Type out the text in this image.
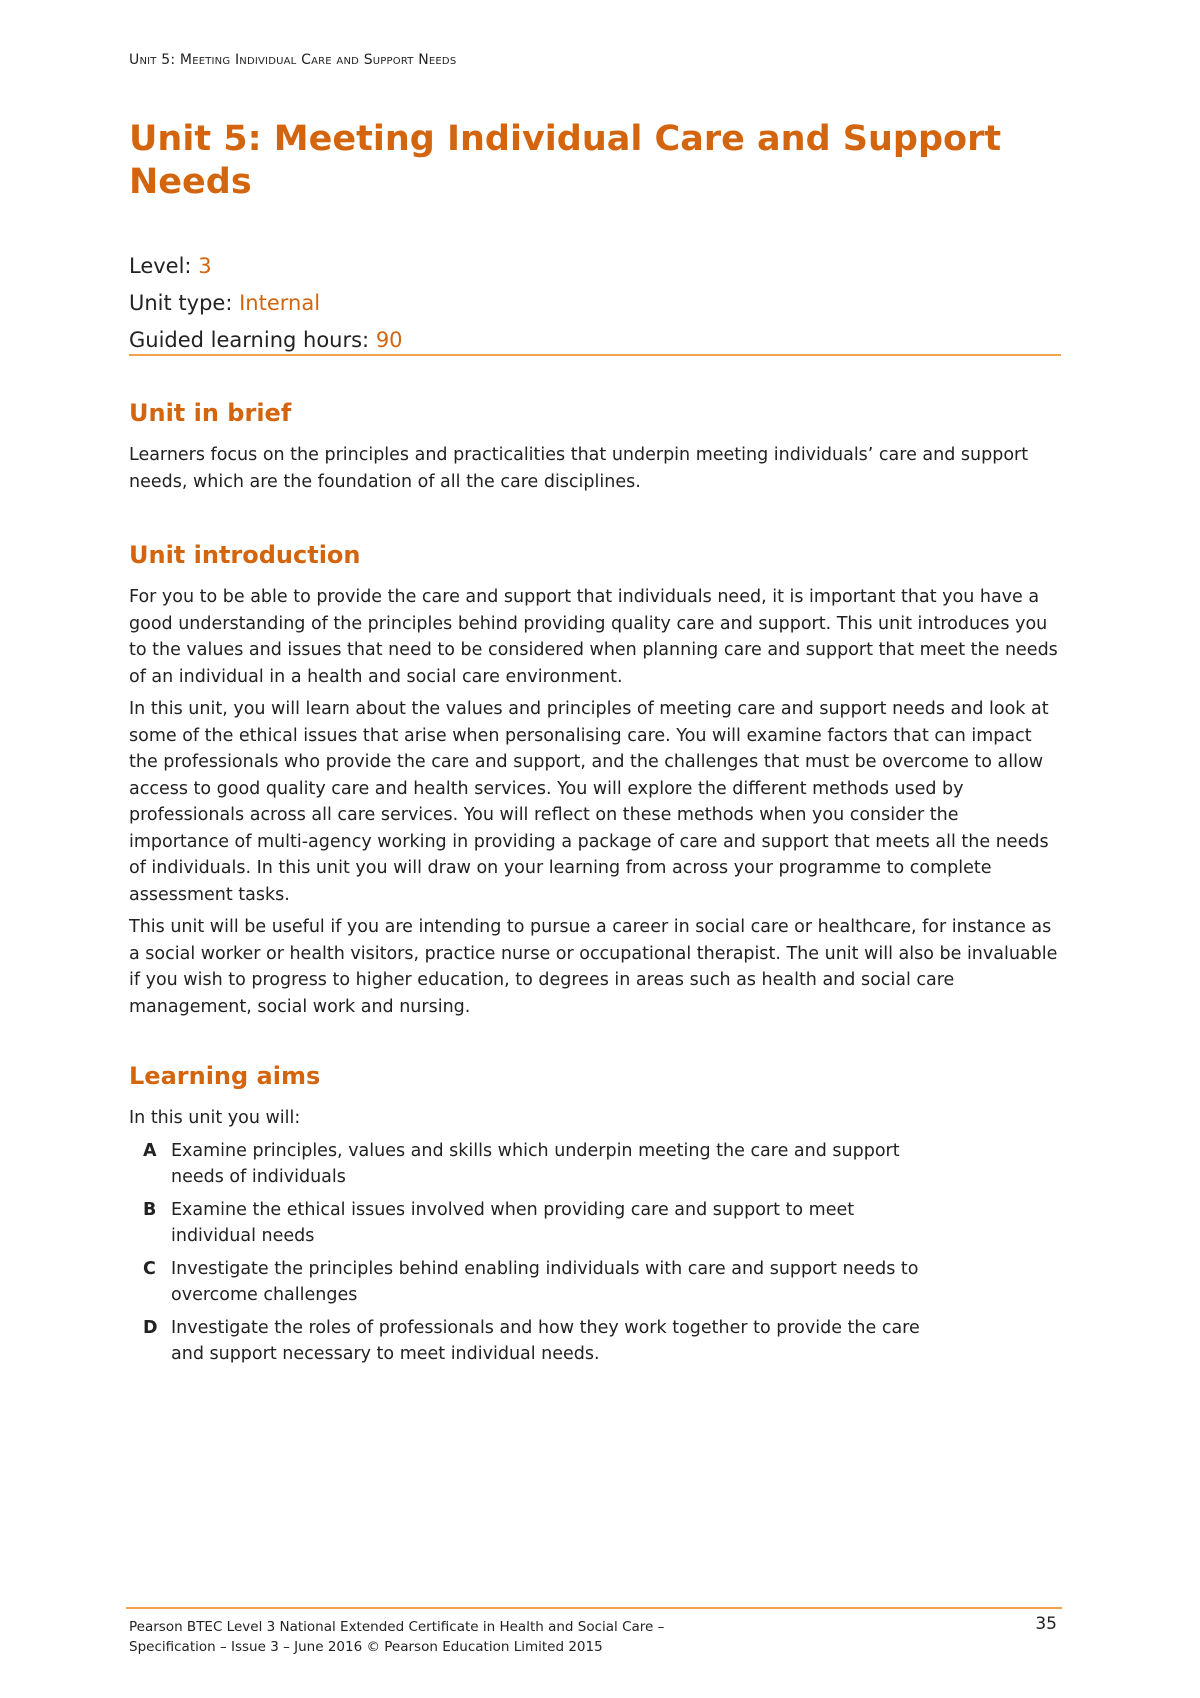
Unit 5: Meeting Individual Care and Support Needs
Unit 5: Meeting Individual Care and Support Needs
Level: 3
Unit type: Internal
Guided learning hours: 90
Unit in brief

Learners focus on the principles and practicalities that underpin meeting individuals’ care and support needs, which are the foundation of all the care disciplines.

Unit introduction

For you to be able to provide the care and support that individuals need, it is important that you have a good understanding of the principles behind providing quality care and support. This unit introduces you to the values and issues that need to be considered when planning care and support that meet the needs of an individual in a health and social care environment.

In this unit, you will learn about the values and principles of meeting care and support needs and look at some of the ethical issues that arise when personalising care. You will examine factors that can impact the professionals who provide the care and support, and the challenges that must be overcome to allow access to good quality care and health services. You will explore the different methods used by professionals across all care services. You will reflect on these methods when you consider the importance of multi-agency working in providing a package of care and support that meets all the needs of individuals. In this unit you will draw on your learning from across your programme to complete assessment tasks.

This unit will be useful if you are intending to pursue a career in social care or healthcare, for instance as a social worker or health visitors, practice nurse or occupational therapist. The unit will also be invaluable if you wish to progress to higher education, to degrees in areas such as health and social care management, social work and nursing.

Learning aims

In this unit you will:

A Examine principles, values and skills which underpin meeting the care and support needs of individuals
B Examine the ethical issues involved when providing care and support to meet individual needs
C Investigate the principles behind enabling individuals with care and support needs to overcome challenges
D Investigate the roles of professionals and how they work together to provide the care and support necessary to meet individual needs.
Pearson BTEC Level 3 National Extended Certificate in Health and Social Care –
Specification – Issue 3 – June 2016 © Pearson Education Limited 2015
35
